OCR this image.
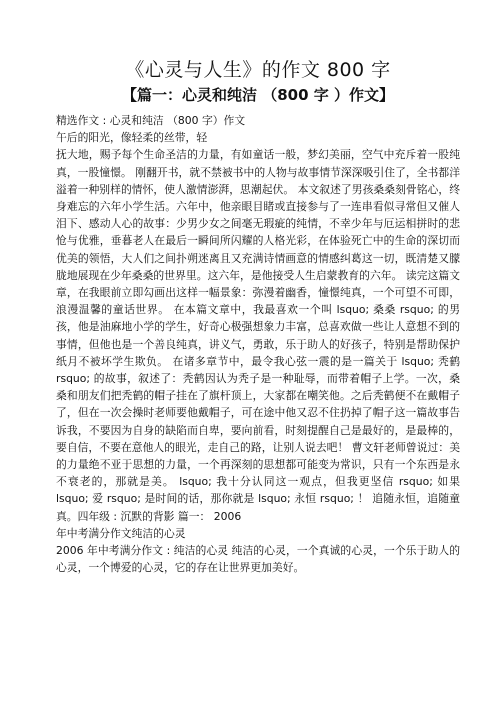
《心灵与人生》的作文 800 字
【篇一：心灵和纯洁 （800 字 ）作文】
精选作文 : 心灵和纯洁 （800 字）作文
午后的阳光，像轻柔的丝带，轻
抚大地，赐予每个生命圣洁的力量，有如童话一般，梦幻美丽，空气中充斥着一股纯真，一股憧憬。 刚翻开书，就不禁被书中的人物与故事情节深深吸引住了，全书都洋溢着一种别样的情怀，使人激情澎湃，思潮起伏。 本文叙述了男孩桑桑刻骨铭心，终身难忘的六年小学生活。六年中，他亲眼目睹或直接参与了一连串看似寻常但又催人泪下、感动人心的故事：少男少女之间毫无瑕疵的纯情，不幸少年与厄运相拼时的悲怆与优雅，垂暮老人在最后一瞬间所闪耀的人格光彩，在体验死亡中的生命的深切而优美的领悟，大人们之间扑朔迷离且又充满诗情画意的情感纠葛这一切，既清楚又朦胧地展现在少年桑桑的世界里。这六年，是他接受人生启蒙教育的六年。 读完这篇文章，在我眼前立即勾画出这样一幅景象：弥漫着幽香，憧憬纯真，一个可望不可即，浪漫温馨的童话世界。 在本篇文章中，我最喜欢一个叫 lsquo; 桑桑 rsquo; 的男孩，他是油麻地小学的学生，好奇心极强想象力丰富，总喜欢做一些让人意想不到的事情，但他也是一个善良纯真，讲义气，勇敢，乐于助人的好孩子，特别是帮助保护纸月不被坏学生欺负。 在诸多章节中，最令我心弦一震的是一篇关于 lsquo; 秃鹤 rsquo; 的故事，叙述了：秃鹤因认为秃子是一种耻辱，而带着帽子上学。一次，桑桑和朋友们把秃鹤的帽子挂在了旗杆顶上，大家都在嘲笑他。之后秃鹤便不在戴帽子了，但在一次会操时老师要他戴帽子，可在途中他又忍不住扔掉了帽子这一篇故事告诉我，不要因为自身的缺陷而自卑，要向前看，时刻提醒自己是最好的，是最棒的，要自信，不要在意他人的眼光，走自己的路，让别人说去吧！ 曹文轩老师曾说过：美的力量绝不亚于思想的力量，一个再深刻的思想都可能变为常识，只有一个东西是永不衰老的，那就是美。 lsquo; 我十分认同这一观点，但我更坚信 rsquo; 如果 lsquo; 爱 rsquo; 是时间的话，那你就是 lsquo; 永恒 rsquo; ！ 追随永恒，追随童真。四年级 : 沉默的背影 篇一： 2006
年中考满分作文纯洁的心灵
2006 年中考满分作文 : 纯洁的心灵 纯洁的心灵，一个真诚的心灵，一个乐于助人的心灵，一个博爱的心灵，它的存在让世界更加美好。
